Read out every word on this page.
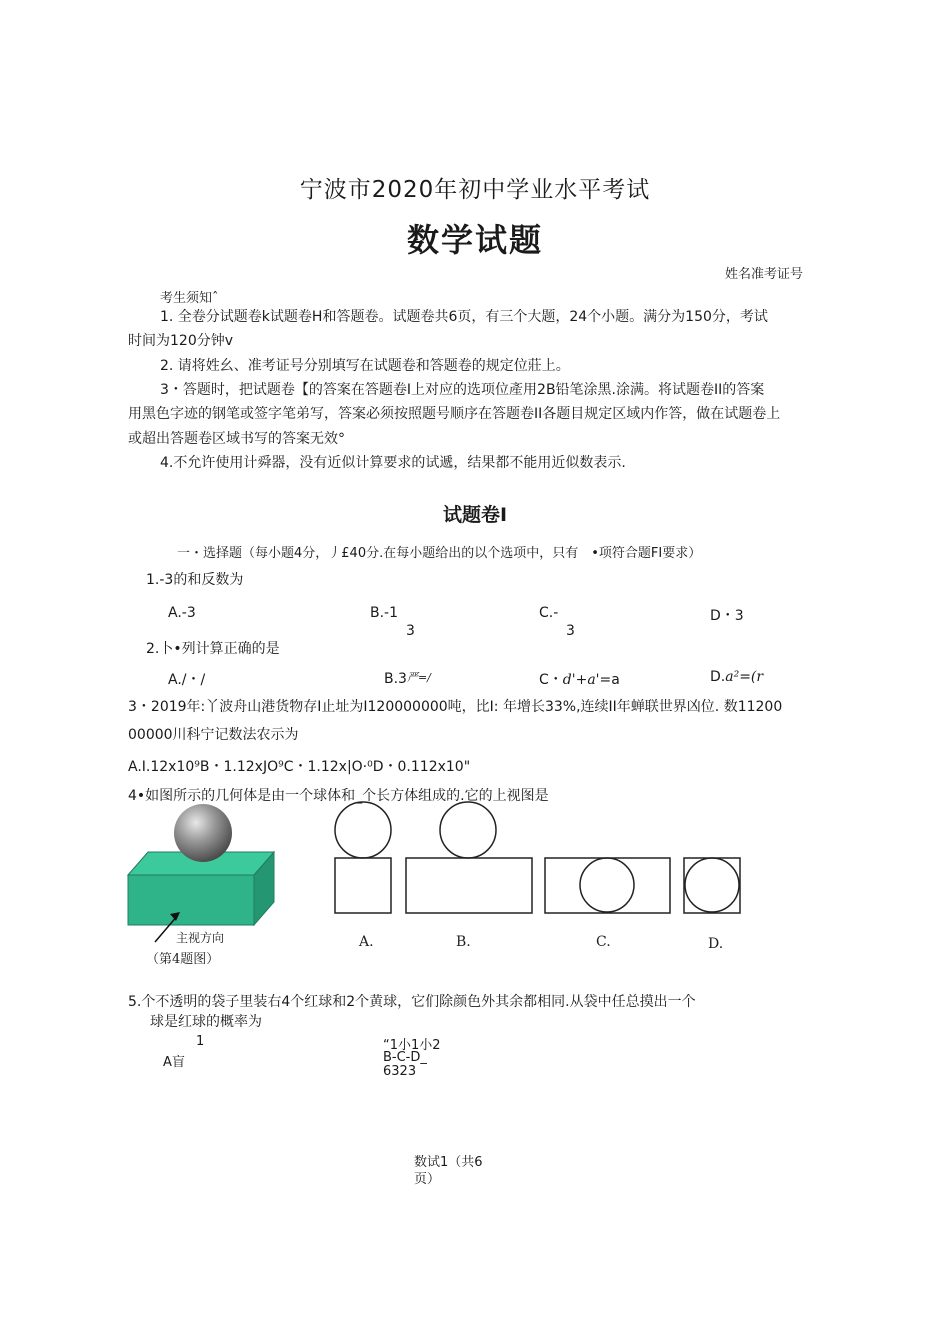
宁波市2020年初中学业水平考试
数学试题
姓名准考证号
考生须知ˆ
1. 全卷分试题卷k试题卷H和答题卷。试题卷共6页，有三个大题，24个小题。满分为150分，考试
时间为120分钟v
2. 请将姓幺、准考证号分别填写在试题卷和答题卷的规定位莊上。
3・答题时，把试题卷【的答案在答题卷I上对应的选项位產用2B铅笔涂黑.涂满。将试题卷II的答案
用黑色字迹的钢笔或签字笔弟写，答案必须按照题号顺序在答题卷II各题目规定区域内作答，做在试题卷上
或超出答题卷区域书写的答案无效°
4.不允许使用计舜器，没有近似计算要求的试遞，结果都不能用近似数表示.
试题卷I
一・选择题（每小题4分，丿£40分.在每小题给出的以个选项中，只有　•项符合题FI要求）
1.-3的和反数为
A.-3	B.-1
3
C.-
3
D・3
2.卜•列计算正确的是
A./・/	B.3严=/	C・d'+a'=a	D.a²=(r
3・2019年:丫波舟山港货物存I止址为I120000000吨，比I: 年增长33%,连续II年蝉联世界凶位. 数11200
00000川科宁记数法农示为
A.I.12x10⁹B・1.12xJO⁹C・1.12x|O·⁰D・0.112x10"
4•如图所示的几何体是由一个球体和_个长方体组成的.它的上视图是
主视方向
（第4题图）
A.	B.	C.	D.
5.个不透明的袋子里装右4个红球和2个黄球，它们除颜色外其余都相同.从袋中任总摸出一个
球是红球的概率为
1
A盲
“1小1小2
B-C-D_
6323
数试1（共6
页）
